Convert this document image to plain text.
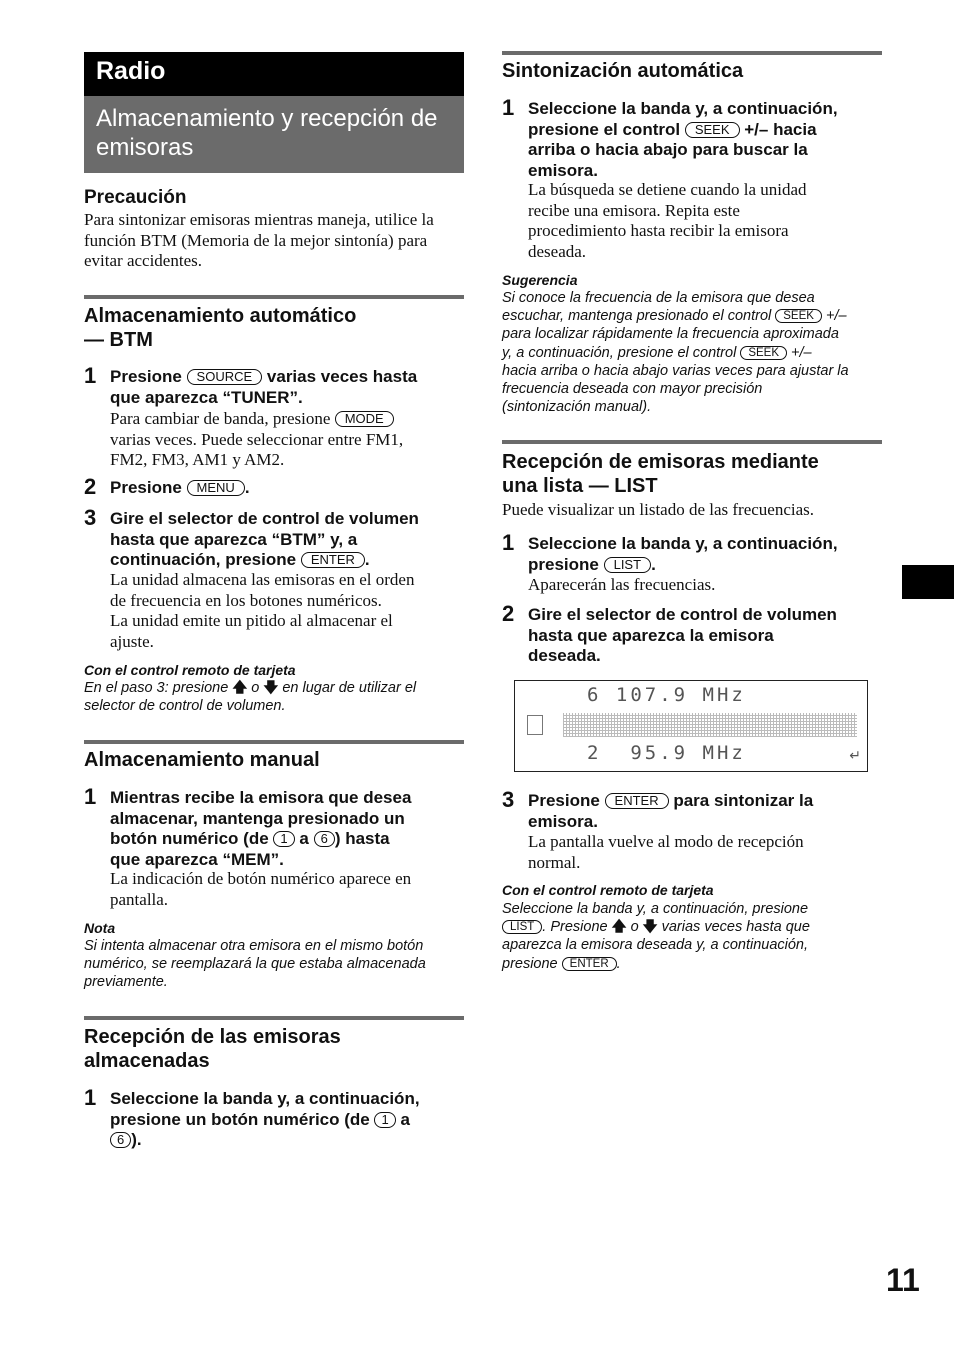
Radio
Almacenamiento y recepción de emisoras
Precaución
Para sintonizar emisoras mientras maneja, utilice la función BTM (Memoria de la mejor sintonía) para evitar accidentes.
Almacenamiento automático
— BTM
1 Presione SOURCE varias veces hasta
que aparezca “TUNER”.
Para cambiar de banda, presione MODE
varias veces. Puede seleccionar entre FM1,
FM2, FM3, AM1 y AM2.
2 Presione MENU .
3 Gire el selector de control de volumen
hasta que aparezca “BTM” y, a
continuación, presione ENTER .
La unidad almacena las emisoras en el orden
de frecuencia en los botones numéricos.
La unidad emite un pitido al almacenar el
ajuste.
Con el control remoto de tarjeta
En el paso 3: presione 🡅 o 🡇 en lugar de utilizar el
selector de control de volumen.
Almacenamiento manual
1 Mientras recibe la emisora que desea
almacenar, mantenga presionado un
botón numérico (de 1 a 6 ) hasta
que aparezca “MEM”.
La indicación de botón numérico aparece en
pantalla.
Nota
Si intenta almacenar otra emisora en el mismo botón
numérico, se reemplazará la que estaba almacenada
previamente.
Recepción de las emisoras
almacenadas
1 Seleccione la banda y, a continuación,
presione un botón numérico (de 1 a
6 ).
Sintonización automática
1 Seleccione la banda y, a continuación,
presione el control SEEK +/– hacia
arriba o hacia abajo para buscar la
emisora.
La búsqueda se detiene cuando la unidad
recibe una emisora. Repita este
procedimiento hasta recibir la emisora
deseada.
Sugerencia
Si conoce la frecuencia de la emisora que desea
escuchar, mantenga presionado el control SEEK +/–
para localizar rápidamente la frecuencia aproximada
y, a continuación, presione el control SEEK +/–
hacia arriba o hacia abajo varias veces para ajustar la
frecuencia deseada con mayor precisión
(sintonización manual).
Recepción de emisoras mediante
una lista — LIST
Puede visualizar un listado de las frecuencias.
1 Seleccione la banda y, a continuación,
presione LIST .
Aparecerán las frecuencias.
2 Gire el selector de control de volumen
hasta que aparezca la emisora
deseada.
6 107.9 MHz
2  95.9 MHz	↵
3 Presione ENTER para sintonizar la
emisora.
La pantalla vuelve al modo de recepción
normal.
Con el control remoto de tarjeta
Seleccione la banda y, a continuación, presione
LIST . Presione 🡅 o 🡇 varias veces hasta que
aparezca la emisora deseada y, a continuación,
presione ENTER .
11
